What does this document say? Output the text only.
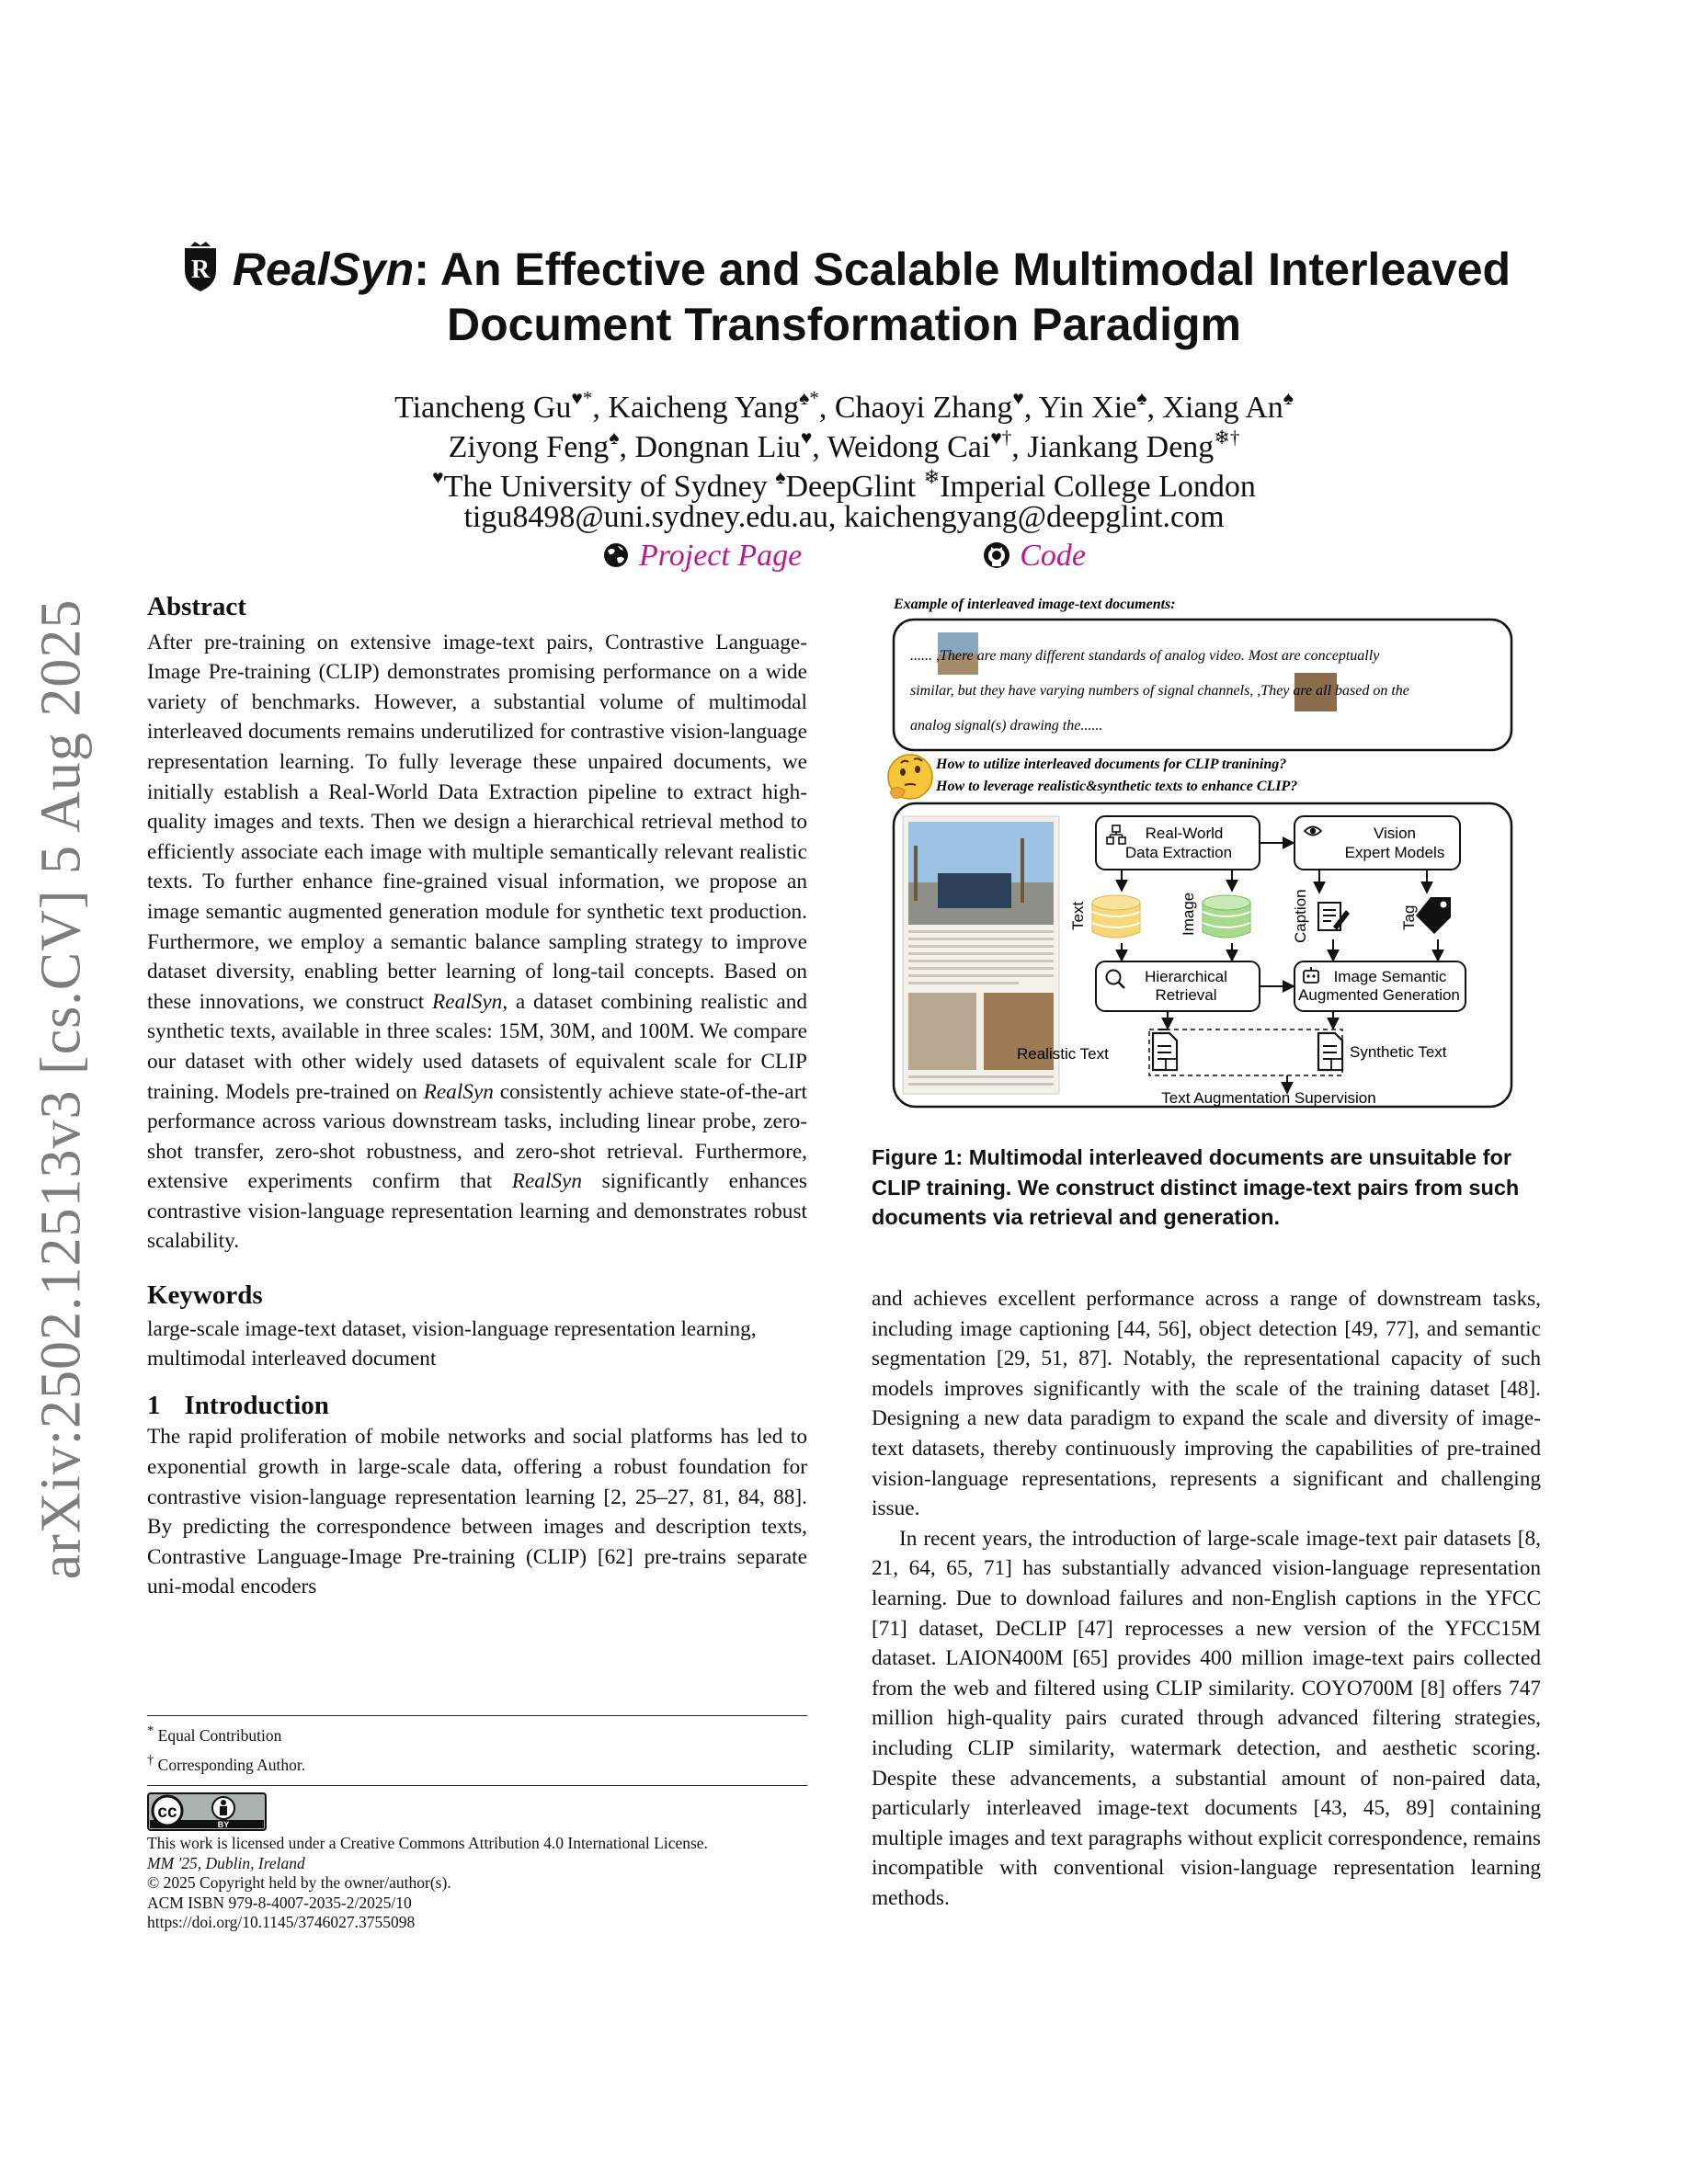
arXiv:2502.12513v3 [cs.CV] 5 Aug 2025
R RealSyn: An Effective and Scalable Multimodal Interleaved
Document Transformation Paradigm
Tiancheng Gu♥*, Kaicheng Yang♠*, Chaoyi Zhang♥, Yin Xie♠, Xiang An♠
Ziyong Feng♠, Dongnan Liu♥, Weidong Cai♥†, Jiankang Deng❄†
♥The University of Sydney ♠DeepGlint ❄Imperial College London
tigu8498@uni.sydney.edu.au, kaichengyang@deepglint.com
Project Page	Code
Abstract

After pre-training on extensive image-text pairs, Contrastive Language-Image Pre-training (CLIP) demonstrates promising performance on a wide variety of benchmarks. However, a substantial volume of multimodal interleaved documents remains underutilized for contrastive vision-language representation learning. To fully leverage these unpaired documents, we initially establish a Real-World Data Extraction pipeline to extract high-quality images and texts. Then we design a hierarchical retrieval method to efficiently associate each image with multiple semantically relevant realistic texts. To further enhance fine-grained visual information, we propose an image semantic augmented generation module for synthetic text production. Furthermore, we employ a semantic balance sampling strategy to improve dataset diversity, enabling better learning of long-tail concepts. Based on these innovations, we construct RealSyn, a dataset combining realistic and synthetic texts, available in three scales: 15M, 30M, and 100M. We compare our dataset with other widely used datasets of equivalent scale for CLIP training. Models pre-trained on RealSyn consistently achieve state-of-the-art performance across various downstream tasks, including linear probe, zero-shot transfer, zero-shot robustness, and zero-shot retrieval. Furthermore, extensive experiments confirm that RealSyn significantly enhances contrastive vision-language representation learning and demonstrates robust scalability.

Keywords

large-scale image-text dataset, vision-language representation learning, multimodal interleaved document

1 Introduction

The rapid proliferation of mobile networks and social platforms has led to exponential growth in large-scale data, offering a robust foundation for contrastive vision-language representation learning [2, 25–27, 81, 84, 88]. By predicting the correspondence between images and description texts, Contrastive Language-Image Pre-training (CLIP) [62] pre-trains separate uni-modal encoders

* Equal Contribution
† Corresponding Author.
cc
BY
This work is licensed under a Creative Commons Attribution 4.0 International License.
MM '25, Dublin, Ireland
© 2025 Copyright held by the owner/author(s).
ACM ISBN 979-8-4007-2035-2/2025/10
https://doi.org/10.1145/3746027.3755098
Example of interleaved image-text documents:
...... ,There are many different standards of analog video. Most are conceptually
similar, but they have varying numbers of signal channels, ,They are all based on the
analog signal(s) drawing the......
How to utilize interleaved documents for CLIP tranining?
How to leverage realistic&synthetic texts to enhance CLIP?
Real-World
Data Extraction
Vision
Expert Models
Text	Image	Caption	Tag
Hierarchical
Retrieval
Image Semantic
Augmented Generation
Realistic Text	Synthetic Text
Text Augmentation Supervision
Figure 1: Multimodal interleaved documents are unsuitable for CLIP training. We construct distinct image-text pairs from such documents via retrieval and generation.

and achieves excellent performance across a range of downstream tasks, including image captioning [44, 56], object detection [49, 77], and semantic segmentation [29, 51, 87]. Notably, the representational capacity of such models improves significantly with the scale of the training dataset [48]. Designing a new data paradigm to expand the scale and diversity of image-text datasets, thereby continuously improving the capabilities of pre-trained vision-language representations, represents a significant and challenging issue.

In recent years, the introduction of large-scale image-text pair datasets [8, 21, 64, 65, 71] has substantially advanced vision-language representation learning. Due to download failures and non-English captions in the YFCC [71] dataset, DeCLIP [47] reprocesses a new version of the YFCC15M dataset. LAION400M [65] provides 400 million image-text pairs collected from the web and filtered using CLIP similarity. COYO700M [8] offers 747 million high-quality pairs curated through advanced filtering strategies, including CLIP similarity, watermark detection, and aesthetic scoring. Despite these advancements, a substantial amount of non-paired data, particularly interleaved image-text documents [43, 45, 89] containing multiple images and text paragraphs without explicit correspondence, remains incompatible with conventional vision-language representation learning methods.
